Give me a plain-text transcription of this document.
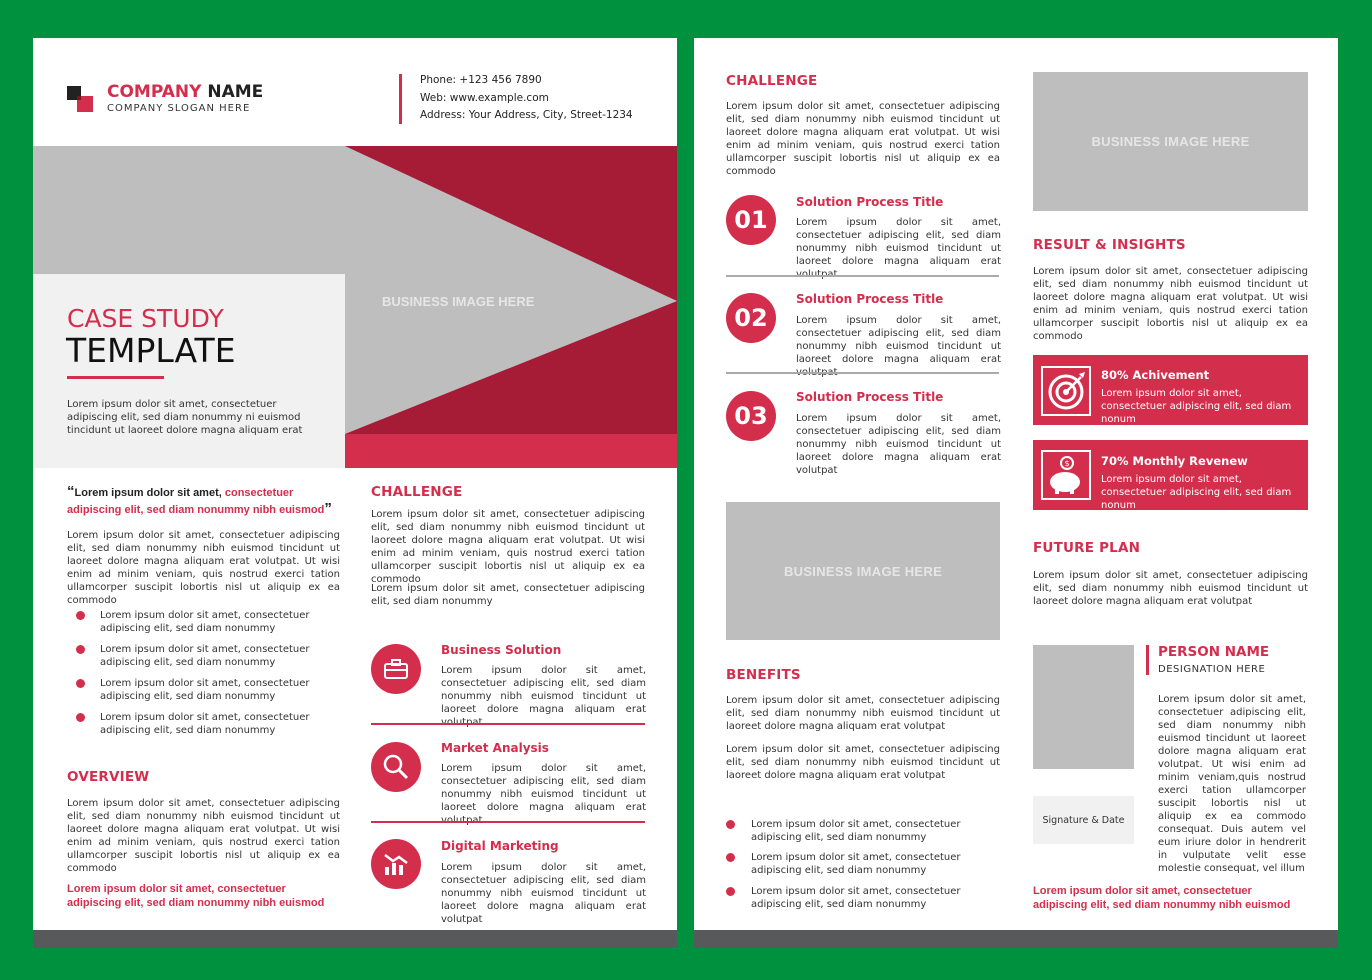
COMPANY NAME
COMPANY SLOGAN HERE
Phone: +123 456 7890
Web: www.example.com
Address: Your Address, City, Street-1234
BUSINESS IMAGE HERE
CASE STUDY
TEMPLATE
Lorem ipsum dolor sit amet, consectetuer adipiscing elit, sed diam nonummy ni euismod tincidunt ut laoreet dolore magna aliquam erat
“Lorem ipsum dolor sit amet, consectetuer adipiscing elit, sed diam nonummy nibh euismod”
Lorem ipsum dolor sit amet, consectetuer adipiscing elit, sed diam nonummy nibh euismod tincidunt ut laoreet dolore magna aliquam erat volutpat. Ut wisi enim ad minim veniam, quis nostrud exerci tation ullamcorper suscipit lobortis nisl ut aliquip ex ea commodo
Lorem ipsum dolor sit amet, consectetuer adipiscing elit, sed diam nonummy
Lorem ipsum dolor sit amet, consectetuer adipiscing elit, sed diam nonummy
Lorem ipsum dolor sit amet, consectetuer adipiscing elit, sed diam nonummy
Lorem ipsum dolor sit amet, consectetuer adipiscing elit, sed diam nonummy
OVERVIEW
Lorem ipsum dolor sit amet, consectetuer adipiscing elit, sed diam nonummy nibh euismod tincidunt ut laoreet dolore magna aliquam erat volutpat. Ut wisi enim ad minim veniam, quis nostrud exerci tation ullamcorper suscipit lobortis nisl ut aliquip ex ea commodo
Lorem ipsum dolor sit amet, consectetuer adipiscing elit, sed diam nonummy nibh euismod
CHALLENGE
Lorem ipsum dolor sit amet, consectetuer adipiscing elit, sed diam nonummy nibh euismod tincidunt ut laoreet dolore magna aliquam erat volutpat. Ut wisi enim ad minim veniam, quis nostrud exerci tation ullamcorper suscipit lobortis nisl ut aliquip ex ea commodo
Lorem ipsum dolor sit amet, consectetuer adipiscing elit, sed diam nonummy
Business Solution
Lorem ipsum dolor sit amet, consectetuer adipiscing elit, sed diam nonummy nibh euismod tincidunt ut laoreet dolore magna aliquam erat
Market Analysis
Lorem ipsum dolor sit amet, consectetuer adipiscing elit, sed diam nonummy nibh euismod tincidunt ut laoreet dolore magna aliquam erat
Digital Marketing
Lorem ipsum dolor sit amet, consectetuer adipiscing elit, sed diam nonummy nibh euismod tincidunt ut laoreet dolore magna aliquam erat volutpat
CHALLENGE
Lorem ipsum dolor sit amet, consectetuer adipiscing elit, sed diam nonummy nibh euismod tincidunt ut laoreet dolore magna aliquam erat volutpat. Ut wisi enim ad minim veniam, quis nostrud exerci tation ullamcorper suscipit lobortis nisl ut aliquip ex ea commodo
01
Solution Process Title
Lorem ipsum dolor sit amet, consectetuer adipiscing elit, sed diam nonummy nibh euismod tincidunt ut laoreet dolore magna aliquam erat
02
Solution Process Title
Lorem ipsum dolor sit amet, consectetuer adipiscing elit, sed diam nonummy nibh euismod tincidunt ut laoreet dolore magna aliquam erat
03
Solution Process Title
Lorem ipsum dolor sit amet, consectetuer adipiscing elit, sed diam nonummy nibh euismod tincidunt ut laoreet dolore magna aliquam erat volutpat
BUSINESS IMAGE HERE
BENEFITS
Lorem ipsum dolor sit amet, consectetuer adipiscing elit, sed diam nonummy nibh euismod tincidunt ut laoreet dolore magna aliquam erat volutpat
Lorem ipsum dolor sit amet, consectetuer adipiscing elit, sed diam nonummy nibh euismod tincidunt ut laoreet dolore magna aliquam erat volutpat
Lorem ipsum dolor sit amet, consectetuer adipiscing elit, sed diam nonummy
Lorem ipsum dolor sit amet, consectetuer adipiscing elit, sed diam nonummy
Lorem ipsum dolor sit amet, consectetuer adipiscing elit, sed diam nonummy
BUSINESS IMAGE HERE
RESULT & INSIGHTS
Lorem ipsum dolor sit amet, consectetuer adipiscing elit, sed diam nonummy nibh euismod tincidunt ut laoreet dolore magna aliquam erat volutpat. Ut wisi enim ad minim veniam, quis nostrud exerci tation ullamcorper suscipit lobortis nisl ut aliquip ex ea commodo
80% Achivement
Lorem ipsum dolor sit amet, consectetuer adipiscing elit, sed diam nonum
$	70% Monthly Revenew
Lorem ipsum dolor sit amet, consectetuer adipiscing elit, sed diam nonum
FUTURE PLAN
Lorem ipsum dolor sit amet, consectetuer adipiscing elit, sed diam nonummy nibh euismod tincidunt ut laoreet dolore magna aliquam erat volutpat
Signature & Date
PERSON NAME
DESIGNATION HERE
Lorem ipsum dolor sit amet, consectetuer adipiscing elit, sed diam nonummy nibh euismod tincidunt ut laoreet dolore magna aliquam erat volutpat. Ut wisi enim ad minim veniam,quis nostrud exerci tation ullamcorper suscipit lobortis nisl ut aliquip ex ea commodo consequat. Duis autem vel eum iriure dolor in hendrerit in vulputate velit esse molestie consequat, vel illum
Lorem ipsum dolor sit amet, consectetuer adipiscing elit, sed diam nonummy nibh euismod
